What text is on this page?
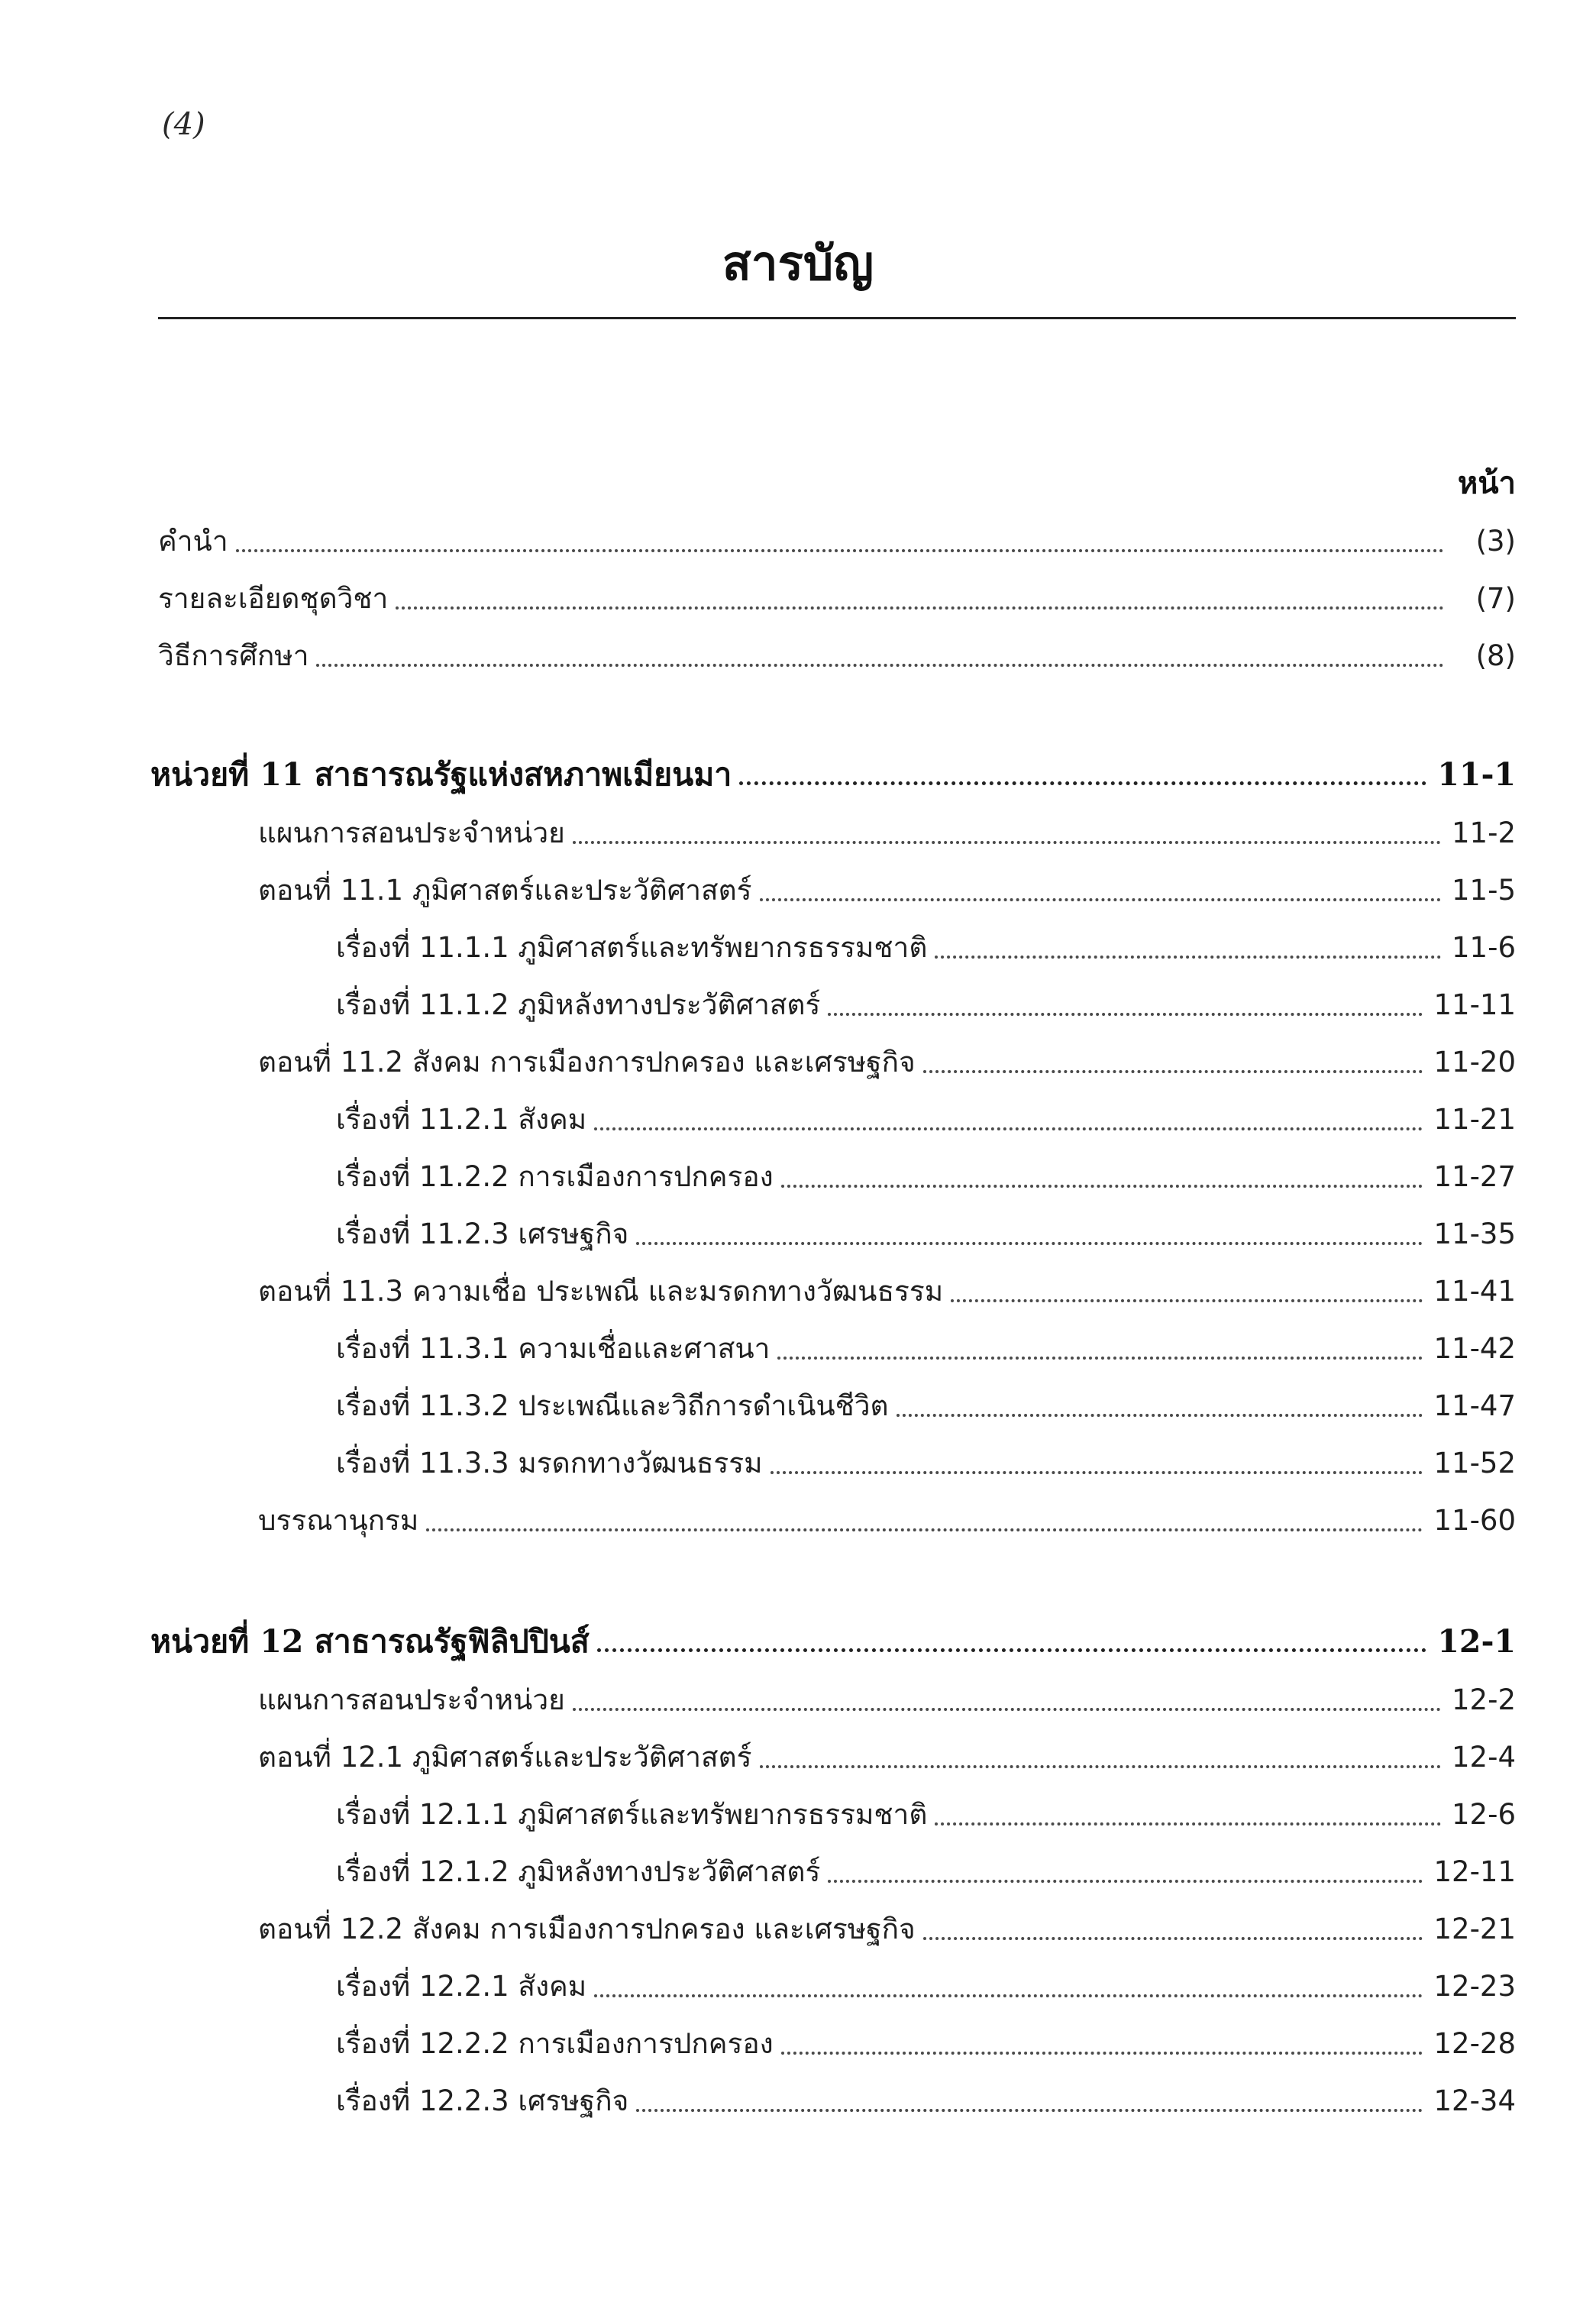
(4)
สารบัญ
หน้า
คำนำ	(3)
รายละเอียดชุดวิชา	(7)
วิธีการศึกษา	(8)
หน่วยที่ 11 สาธารณรัฐแห่งสหภาพเมียนมา	11-1
แผนการสอนประจำหน่วย	11-2
ตอนที่ 11.1 ภูมิศาสตร์และประวัติศาสตร์	11-5
เรื่องที่ 11.1.1 ภูมิศาสตร์และทรัพยากรธรรมชาติ	11-6
เรื่องที่ 11.1.2 ภูมิหลังทางประวัติศาสตร์	11-11
ตอนที่ 11.2 สังคม การเมืองการปกครอง และเศรษฐกิจ	11-20
เรื่องที่ 11.2.1 สังคม	11-21
เรื่องที่ 11.2.2 การเมืองการปกครอง	11-27
เรื่องที่ 11.2.3 เศรษฐกิจ	11-35
ตอนที่ 11.3 ความเชื่อ ประเพณี และมรดกทางวัฒนธรรม	11-41
เรื่องที่ 11.3.1 ความเชื่อและศาสนา	11-42
เรื่องที่ 11.3.2 ประเพณีและวิถีการดำเนินชีวิต	11-47
เรื่องที่ 11.3.3 มรดกทางวัฒนธรรม	11-52
บรรณานุกรม	11-60
หน่วยที่ 12 สาธารณรัฐฟิลิปปินส์	12-1
แผนการสอนประจำหน่วย	12-2
ตอนที่ 12.1 ภูมิศาสตร์และประวัติศาสตร์	12-4
เรื่องที่ 12.1.1 ภูมิศาสตร์และทรัพยากรธรรมชาติ	12-6
เรื่องที่ 12.1.2 ภูมิหลังทางประวัติศาสตร์	12-11
ตอนที่ 12.2 สังคม การเมืองการปกครอง และเศรษฐกิจ	12-21
เรื่องที่ 12.2.1 สังคม	12-23
เรื่องที่ 12.2.2 การเมืองการปกครอง	12-28
เรื่องที่ 12.2.3 เศรษฐกิจ	12-34
